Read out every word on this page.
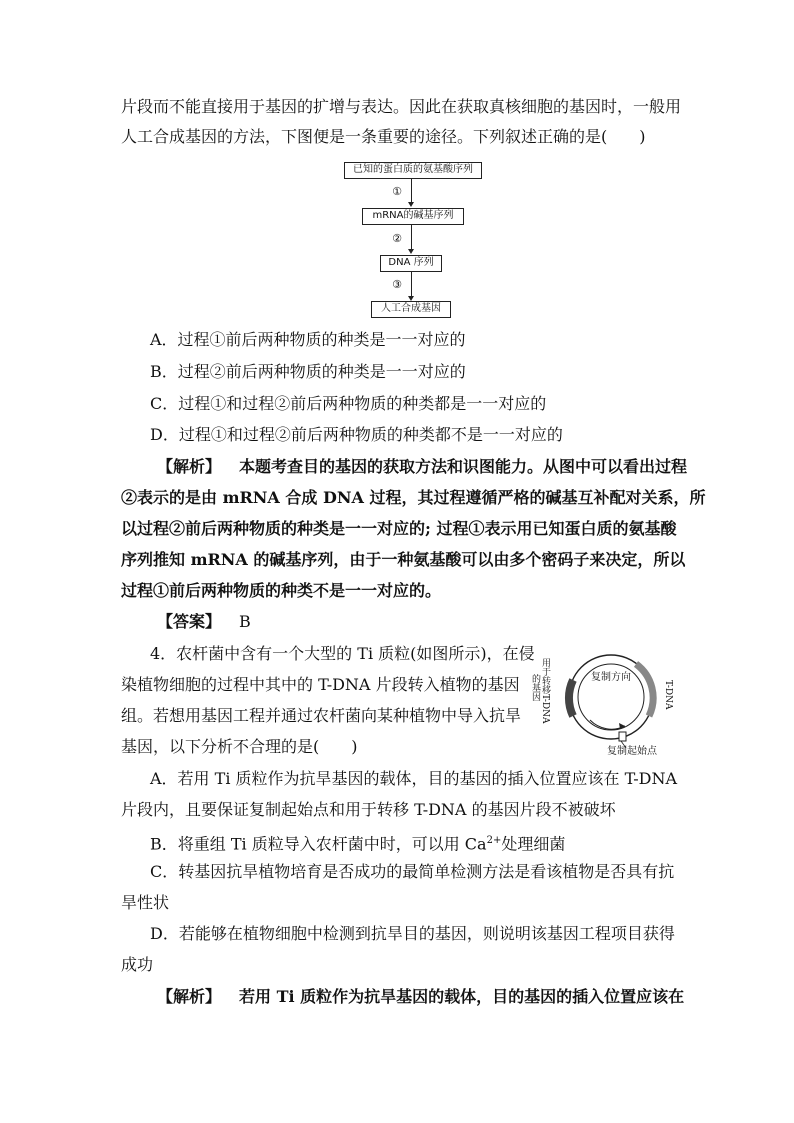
片段而不能直接用于基因的扩增与表达。因此在获取真核细胞的基因时，一般用
人工合成基因的方法，下图便是一条重要的途径。下列叙述正确的是(　　)
已知的蛋白质的氨基酸序列
①
mRNA的碱基序列
②
DNA 序列
③
人工合成基因
A．过程①前后两种物质的种类是一一对应的
B．过程②前后两种物质的种类是一一对应的
C．过程①和过程②前后两种物质的种类都是一一对应的
D．过程①和过程②前后两种物质的种类都不是一一对应的
【解析】 本题考查目的基因的获取方法和识图能力。从图中可以看出过程
②表示的是由 mRNA 合成 DNA 过程，其过程遵循严格的碱基互补配对关系，所
以过程②前后两种物质的种类是一一对应的; 过程①表示用已知蛋白质的氨基酸
序列推知 mRNA 的碱基序列，由于一种氨基酸可以由多个密码子来决定，所以
过程①前后两种物质的种类不是一一对应的。
【答案】 B
4．农杆菌中含有一个大型的 Ti 质粒(如图所示)，在侵
染植物细胞的过程中其中的 T-DNA 片段转入植物的基因
组。若想用基因工程并通过农杆菌向某种植物中导入抗旱
基因，以下分析不合理的是(　　)
复制方向
T-DNA
用于转移T-DNA
的基因
复制起始点
A．若用 Ti 质粒作为抗旱基因的载体，目的基因的插入位置应该在 T-DNA
片段内，且要保证复制起始点和用于转移 T-DNA 的基因片段不被破坏
B．将重组 Ti 质粒导入农杆菌中时，可以用 $Ca^{2+}$处理细菌
C．转基因抗旱植物培育是否成功的最简单检测方法是看该植物是否具有抗
旱性状
D．若能够在植物细胞中检测到抗旱目的基因，则说明该基因工程项目获得
成功
【解析】 若用 Ti 质粒作为抗旱基因的载体，目的基因的插入位置应该在
